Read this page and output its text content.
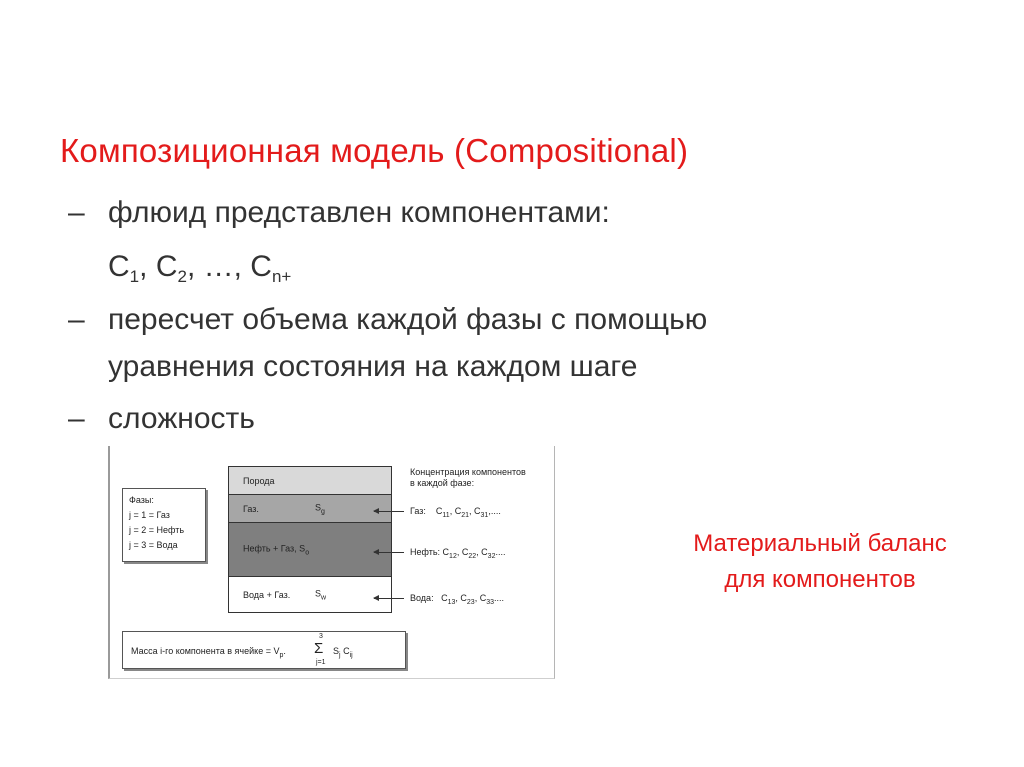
Композиционная модель (Compositional)
– флюид представлен компонентами:
$С_1$, $С_2$, …, $С_{n+}$
– пересчет объема каждой фазы с помощью
уравнения состояния на каждом шаге
– сложность
Материальный баланс
для компонентов
Фазы:
j = 1 = Газ
j = 2 = Нефть
j = 3 = Вода
Порода
Газ.	$S_g$
Нефть + Газ, $S_o$
Вода + Газ.	$S_w$
Концентрация компонентов
в каждой фазе:
Газ: $C_{11}$, $C_{21}$, $C_{31}$,....
Нефть: $C_{12}$, $C_{22}$, $C_{32}$....
Вода: $C_{13}$, $C_{23}$, $C_{33}$....
Масса i-го компонента в ячейке = $V_p$.
3
Σ
j=1
$S_j$ $C_{ij}$
